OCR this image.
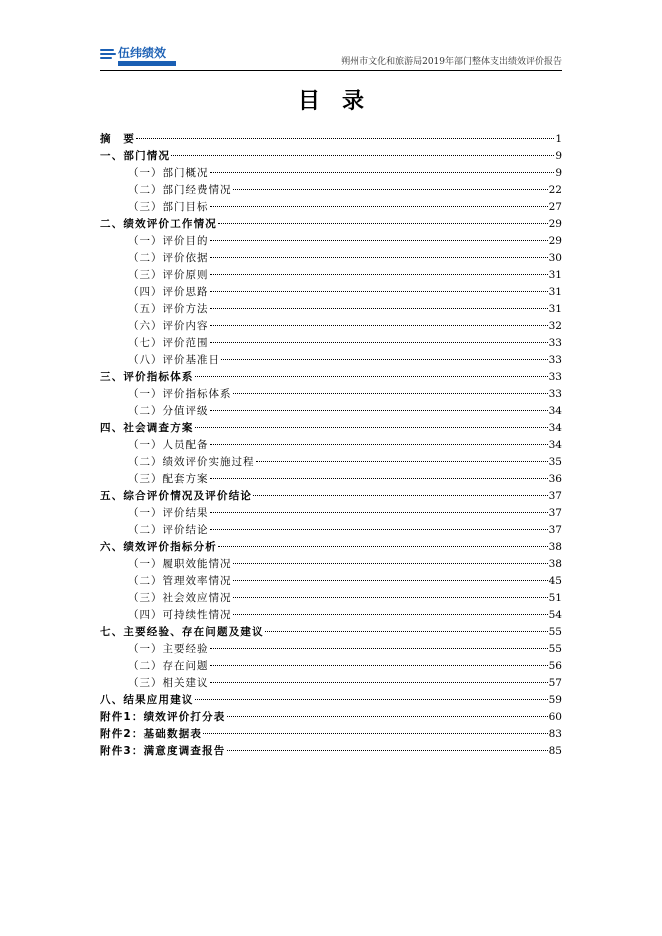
伍纬绩效
朔州市文化和旅游局2019年部门整体支出绩效评价报告
目录
摘　要	1
一、部门情况	9
（一）部门概况	9
（二）部门经费情况	22
（三）部门目标	27
二、绩效评价工作情况	29
（一）评价目的	29
（二）评价依据	30
（三）评价原则	31
（四）评价思路	31
（五）评价方法	31
（六）评价内容	32
（七）评价范围	33
（八）评价基准日	33
三、评价指标体系	33
（一）评价指标体系	33
（二）分值评级	34
四、社会调查方案	34
（一）人员配备	34
（二）绩效评价实施过程	35
（三）配套方案	36
五、综合评价情况及评价结论	37
（一）评价结果	37
（二）评价结论	37
六、绩效评价指标分析	38
（一）履职效能情况	38
（二）管理效率情况	45
（三）社会效应情况	51
（四）可持续性情况	54
七、主要经验、存在问题及建议	55
（一）主要经验	55
（二）存在问题	56
（三）相关建议	57
八、结果应用建议	59
附件1：绩效评价打分表	60
附件2：基础数据表	83
附件3：满意度调查报告	85
